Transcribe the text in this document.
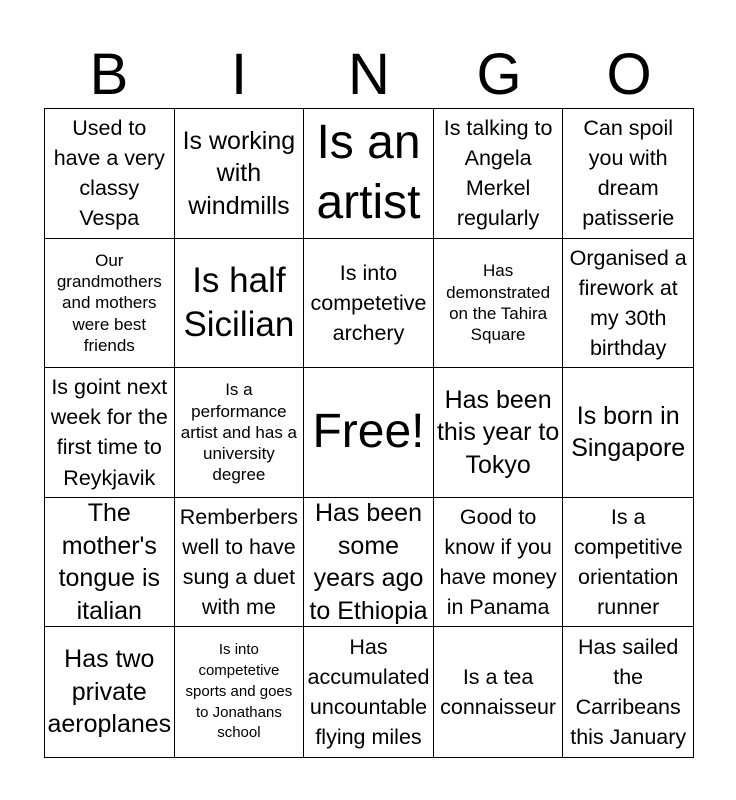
B	I	N	G	O
Used to have a very classy Vespa
Is working with windmills
Is an artist
Is talking to Angela Merkel regularly
Can spoil you with dream patisserie
Our grandmothers and mothers were best friends
Is half Sicilian
Is into competetive archery
Has demonstrated on the Tahira Square
Organised a firework at my 30th birthday
Is goint next week for the first time to Reykjavik
Is a performance artist and has a university degree
Free!
Has been this year to Tokyo
Is born in Singapore
The mother's tongue is italian
Remberbers well to have sung a duet with me
Has been some years ago to Ethiopia
Good to know if you have money in Panama
Is a competitive orientation runner
Has two private aeroplanes
Is into competetive sports and goes to Jonathans school
Has accumulated uncountable flying miles
Is a tea connaisseur
Has sailed the Carribeans this January
